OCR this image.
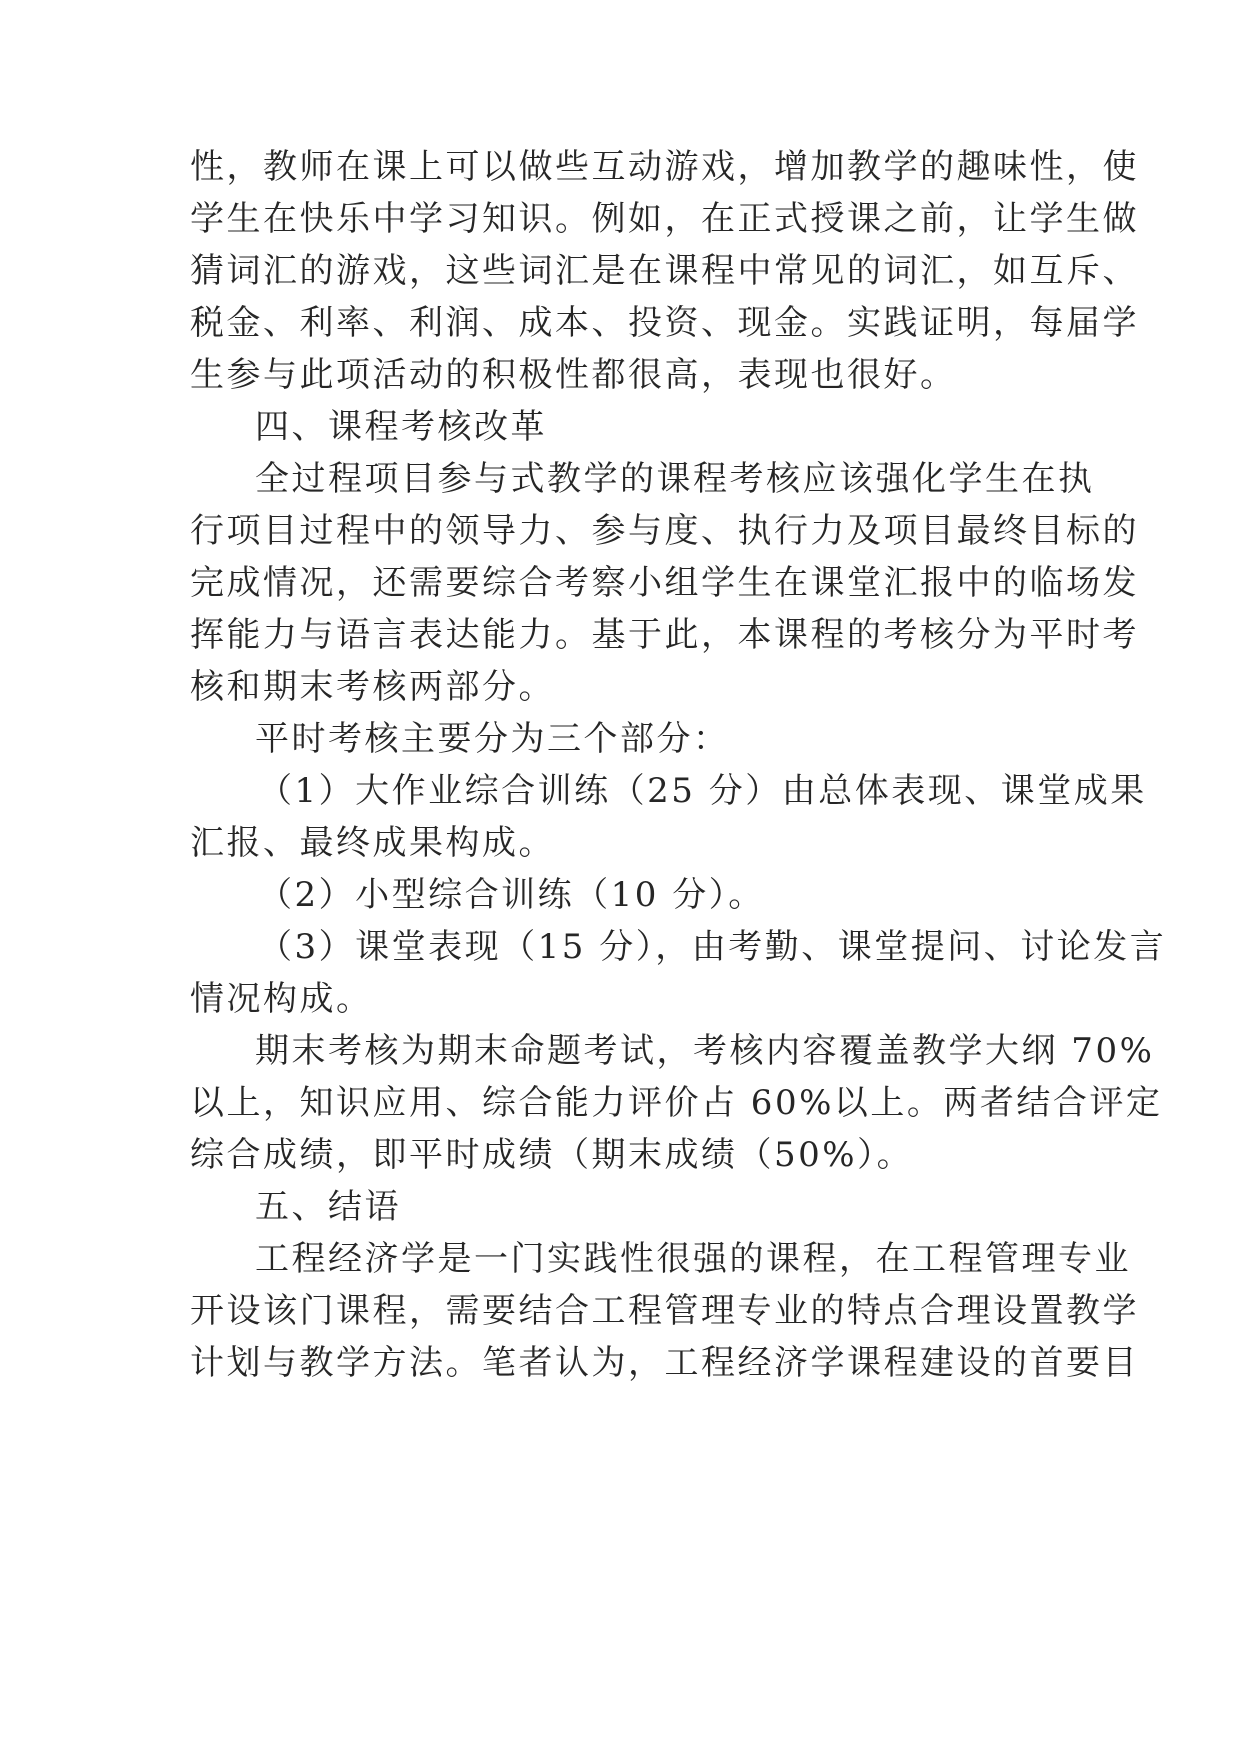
性，教师在课上可以做些互动游戏，增加教学的趣味性，使
学生在快乐中学习知识。例如，在正式授课之前，让学生做
猜词汇的游戏，这些词汇是在课程中常见的词汇，如互斥、
税金、利率、利润、成本、投资、现金。实践证明，每届学
生参与此项活动的积极性都很高，表现也很好。
四、课程考核改革
全过程项目参与式教学的课程考核应该强化学生在执
行项目过程中的领导力、参与度、执行力及项目最终目标的
完成情况，还需要综合考察小组学生在课堂汇报中的临场发
挥能力与语言表达能力。基于此，本课程的考核分为平时考
核和期末考核两部分。
平时考核主要分为三个部分：
（1）大作业综合训练（25 分）由总体表现、课堂成果
汇报、最终成果构成。
（2）小型综合训练（10 分）。
（3）课堂表现（15 分），由考勤、课堂提问、讨论发言
情况构成。
期末考核为期末命题考试，考核内容覆盖教学大纲 70%
以上，知识应用、综合能力评价占 60%以上。两者结合评定
综合成绩，即平时成绩（期末成绩（50%）。
五、结语
工程经济学是一门实践性很强的课程，在工程管理专业
开设该门课程，需要结合工程管理专业的特点合理设置教学
计划与教学方法。笔者认为，工程经济学课程建设的首要目
